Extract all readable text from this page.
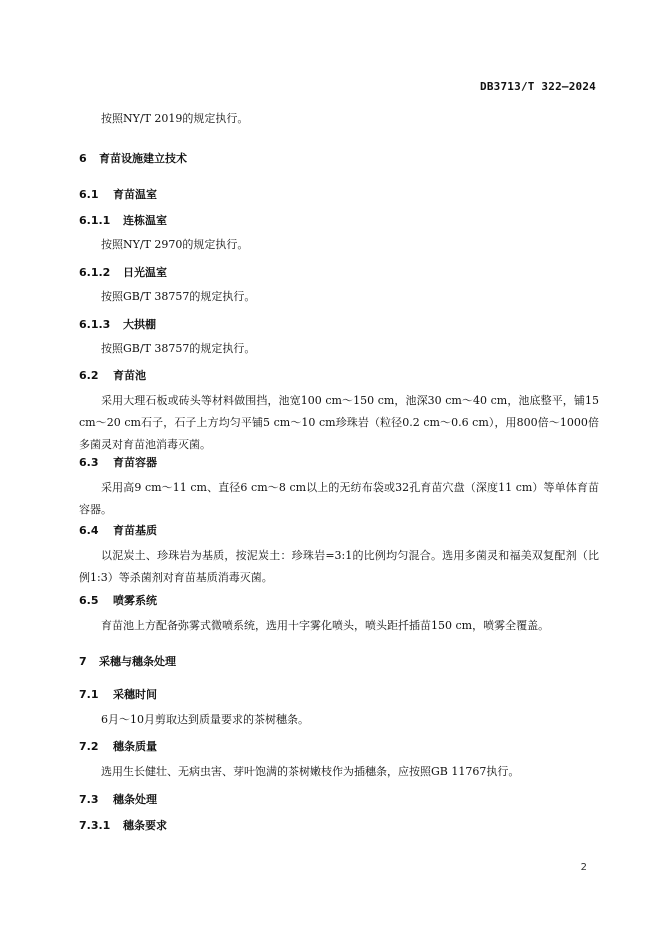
DB3713/T 322—2024
按照NY/T 2019的规定执行。
6 育苗设施建立技术
6.1 育苗温室
6.1.1 连栋温室
按照NY/T 2970的规定执行。
6.1.2 日光温室
按照GB/T 38757的规定执行。
6.1.3 大拱棚
按照GB/T 38757的规定执行。
6.2 育苗池
采用大理石板或砖头等材料做围挡，池宽100 cm～150 cm，池深30 cm～40 cm，池底整平，铺15 cm～20 cm石子，石子上方均匀平铺5 cm～10 cm珍珠岩（粒径0.2 cm～0.6 cm），用800倍～1000倍多菌灵对育苗池消毒灭菌。
6.3 育苗容器
采用高9 cm～11 cm、直径6 cm～8 cm以上的无纺布袋或32孔育苗穴盘（深度11 cm）等单体育苗容器。
6.4 育苗基质
以泥炭土、珍珠岩为基质，按泥炭土：珍珠岩=3:1的比例均匀混合。选用多菌灵和福美双复配剂（比例1:3）等杀菌剂对育苗基质消毒灭菌。
6.5 喷雾系统
育苗池上方配备弥雾式微喷系统，选用十字雾化喷头，喷头距扦插苗150 cm，喷雾全覆盖。
7 采穗与穗条处理
7.1 采穗时间
6月～10月剪取达到质量要求的茶树穗条。
7.2 穗条质量
选用生长健壮、无病虫害、芽叶饱满的茶树嫩枝作为插穗条，应按照GB 11767执行。
7.3 穗条处理
7.3.1 穗条要求
2
